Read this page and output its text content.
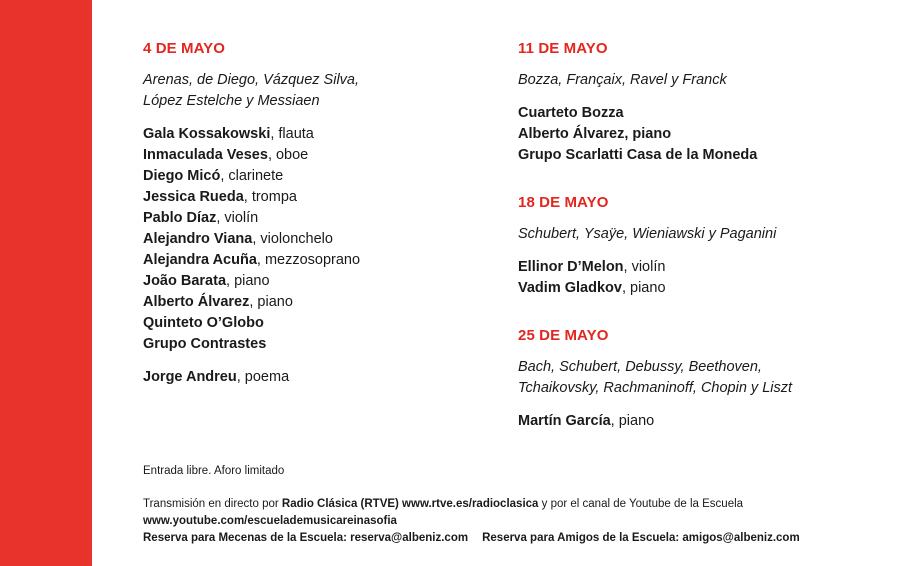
4 DE MAYO
Arenas, de Diego, Vázquez Silva,
López Estelche y Messiaen
Gala Kossakowski, flauta
Inmaculada Veses, oboe
Diego Micó, clarinete
Jessica Rueda, trompa
Pablo Díaz, violín
Alejandro Viana, violonchelo
Alejandra Acuña, mezzosoprano
João Barata, piano
Alberto Álvarez, piano
Quinteto O’Globo
Grupo Contrastes
Jorge Andreu, poema
11 DE MAYO
Bozza, Françaix, Ravel y Franck
Cuarteto Bozza
Alberto Álvarez, piano
Grupo Scarlatti Casa de la Moneda
18 DE MAYO
Schubert, Ysaÿe, Wieniawski y Paganini
Ellinor D’Melon, violín
Vadim Gladkov, piano
25 DE MAYO
Bach, Schubert, Debussy, Beethoven,
Tchaikovsky, Rachmaninoff, Chopin y Liszt
Martín García, piano
Entrada libre. Aforo limitado
Transmisión en directo por Radio Clásica (RTVE) www.rtve.es/radioclasica y por el canal de Youtube de la Escuela
www.youtube.com/escuelademusicareinasofia
Reserva para Mecenas de la Escuela: reserva@albeniz.com Reserva para Amigos de la Escuela: amigos@albeniz.com
